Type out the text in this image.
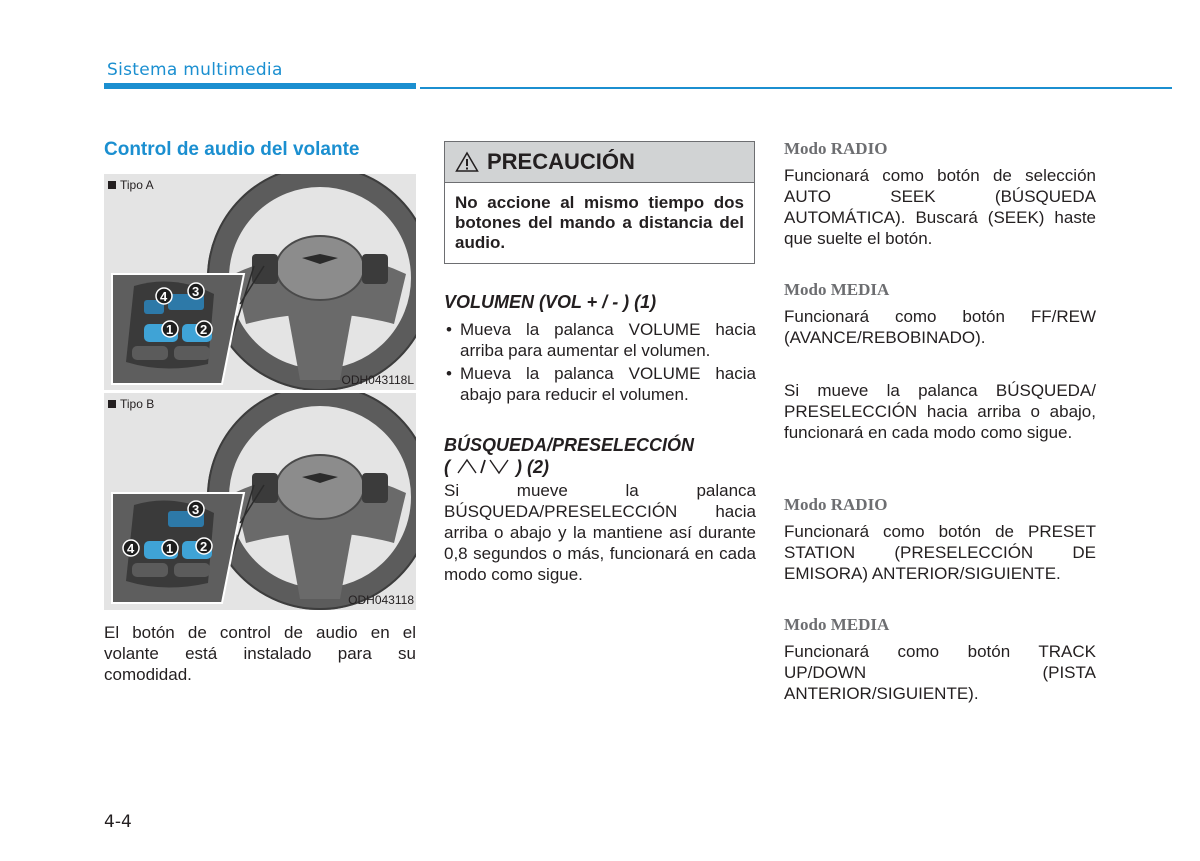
Sistema multimedia
Control de audio del volante
1 2
3
4
Tipo A
ODH043118L
1 2
3
4
Tipo B
ODH043118

El botón de control de audio en el volante está instalado para su comodidad.

PRECAUCIÓN
No accione al mismo tiempo dos botones del mando a distancia del audio.

VOLUMEN (VOL + / - ) (1)

• Mueva la palanca VOLUME hacia arriba para aumentar el volumen.
• Mueva la palanca VOLUME hacia abajo para reducir el volumen.

BÚSQUEDA/PRESELECCIÓN

(	) (2)

Si mueve la palanca BÚSQUEDA/PRESELECCIÓN hacia arriba o abajo y la mantiene así durante 0,8 segundos o más, funcionará en cada modo como sigue.

Modo RADIO

Funcionará como botón de selección AUTO SEEK (BÚSQUEDA AUTOMÁTICA). Buscará (SEEK) haste que suelte el botón.

Modo MEDIA

Funcionará como botón FF/REW (AVANCE/REBOBINADO).

Si mueve la palanca BÚSQUEDA/ PRESELECCIÓN hacia arriba o abajo, funcionará en cada modo como sigue.

Modo RADIO

Funcionará como botón de PRESET STATION (PRESELECCIÓN DE EMISORA) ANTERIOR/SIGUIENTE.

Modo MEDIA

Funcionará como botón TRACK UP/DOWN (PISTA ANTERIOR/SIGUIENTE).

4-4
